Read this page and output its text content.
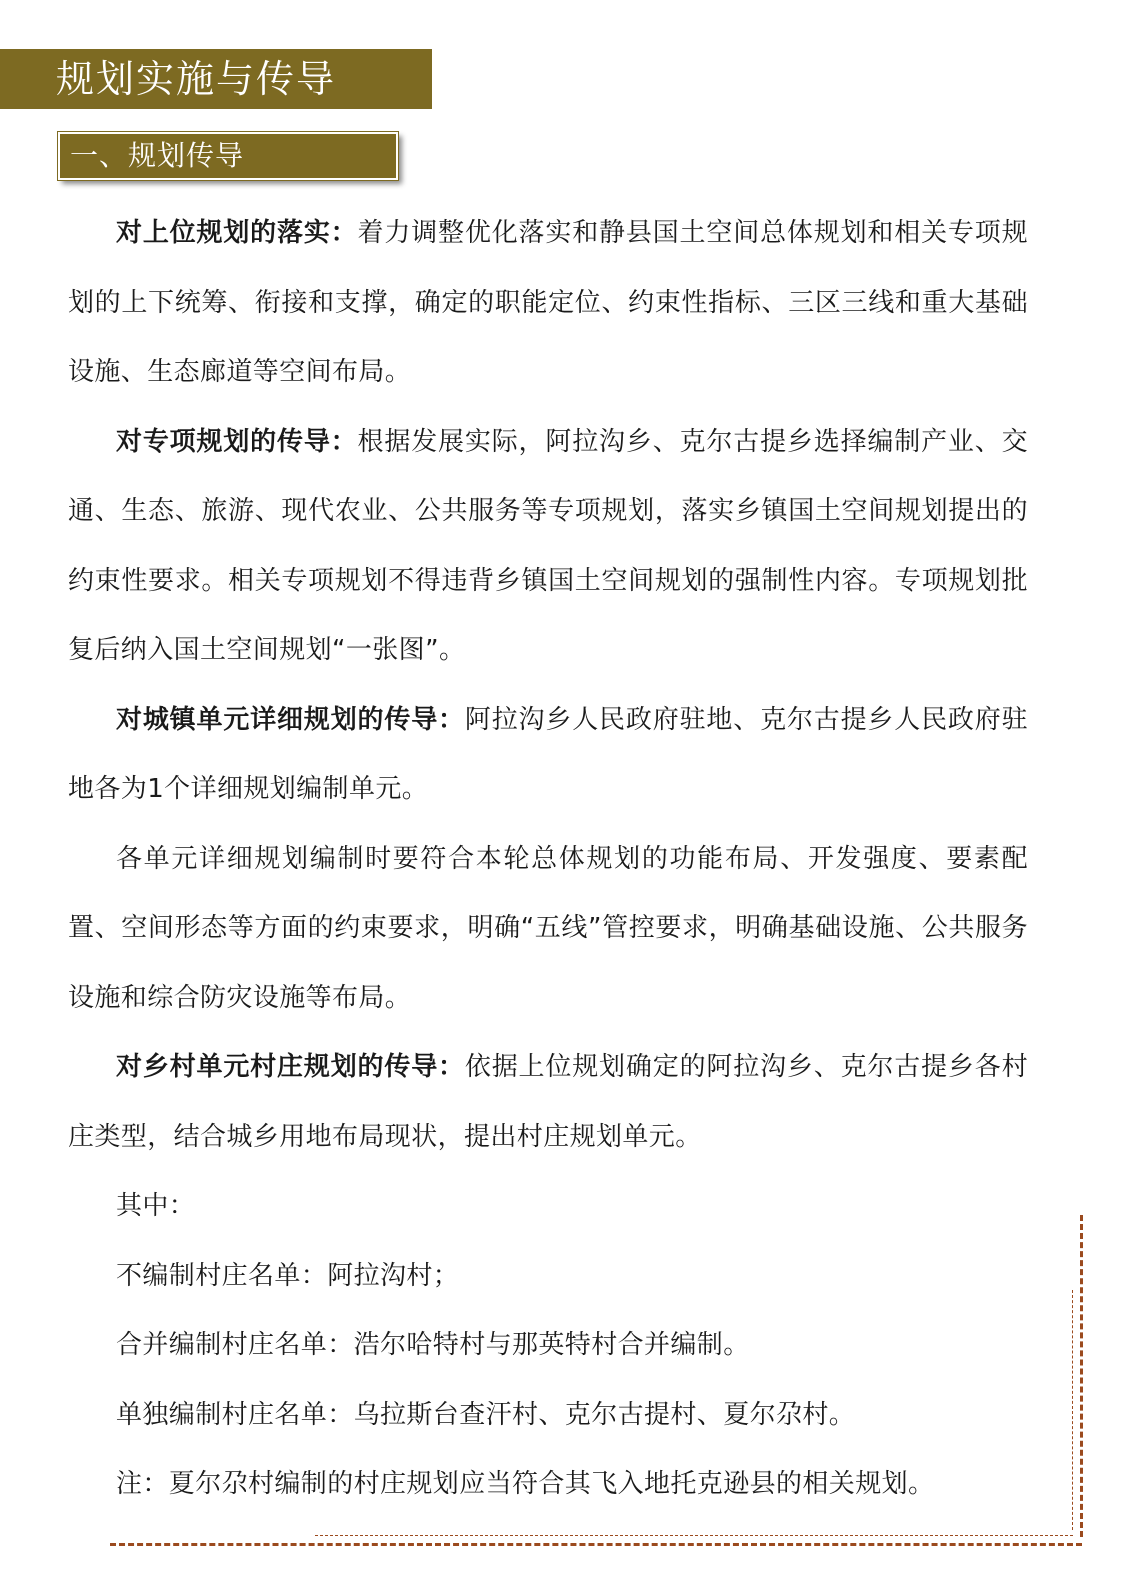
规划实施与传导
一、规划传导

对上位规划的落实：着力调整优化落实和静县国土空间总体规划和相关专项规划的上下统筹、衔接和支撑，确定的职能定位、约束性指标、三区三线和重大基础设施、生态廊道等空间布局。

对专项规划的传导：根据发展实际，阿拉沟乡、克尔古提乡选择编制产业、交通、生态、旅游、现代农业、公共服务等专项规划，落实乡镇国土空间规划提出的约束性要求。相关专项规划不得违背乡镇国土空间规划的强制性内容。专项规划批复后纳入国土空间规划“一张图”。

对城镇单元详细规划的传导：阿拉沟乡人民政府驻地、克尔古提乡人民政府驻地各为1个详细规划编制单元。

各单元详细规划编制时要符合本轮总体规划的功能布局、开发强度、要素配置、空间形态等方面的约束要求，明确“五线”管控要求，明确基础设施、公共服务设施和综合防灾设施等布局。

对乡村单元村庄规划的传导：依据上位规划确定的阿拉沟乡、克尔古提乡各村庄类型，结合城乡用地布局现状，提出村庄规划单元。

其中：

不编制村庄名单：阿拉沟村；

合并编制村庄名单：浩尔哈特村与那英特村合并编制。

单独编制村庄名单：乌拉斯台查汗村、克尔古提村、夏尔尕村。

注：夏尔尕村编制的村庄规划应当符合其飞入地托克逊县的相关规划。
